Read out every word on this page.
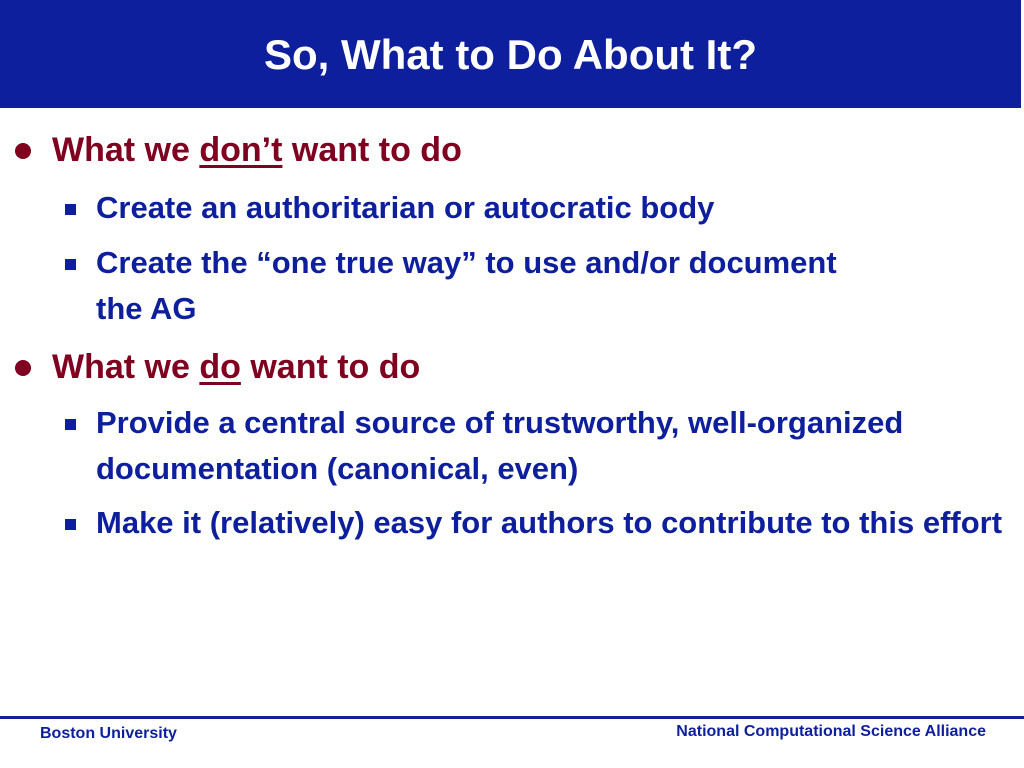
So, What to Do About It?
What we don’t want to do
Create an authoritarian or autocratic body
Create the “one true way” to use and/or document the AG
What we do want to do
Provide a central source of trustworthy, well-organized documentation (canonical, even)
Make it (relatively) easy for authors to contribute to this effort
Boston University	National Computational Science Alliance
